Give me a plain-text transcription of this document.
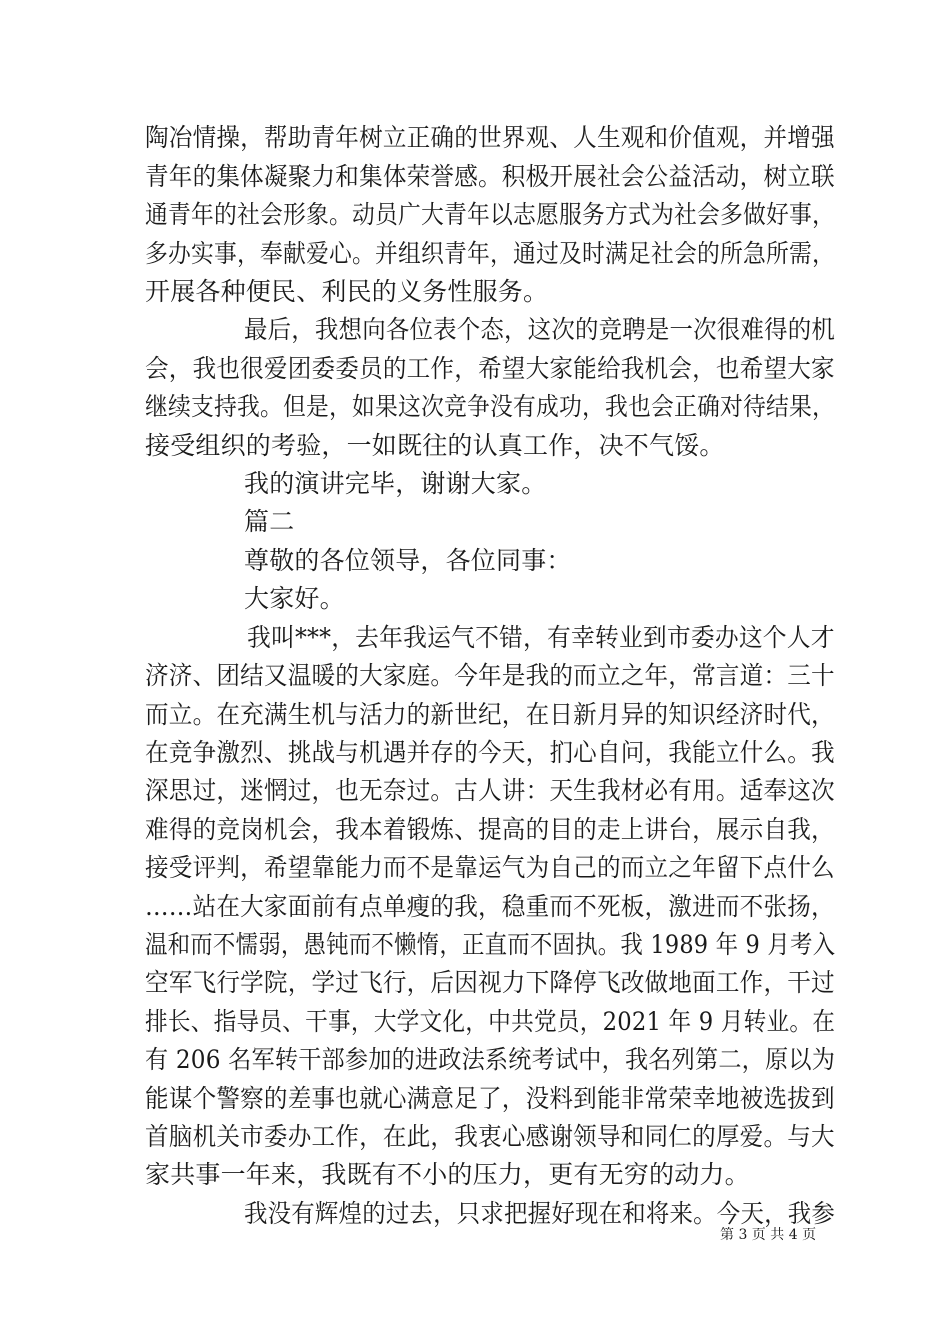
陶冶情操，帮助青年树立正确的世界观、人生观和价值观，并增强
青年的集体凝聚力和集体荣誉感。积极开展社会公益活动，树立联
通青年的社会形象。动员广大青年以志愿服务方式为社会多做好事，
多办实事，奉献爱心。并组织青年，通过及时满足社会的所急所需，
开展各种便民、利民的义务性服务。
最后，我想向各位表个态，这次的竞聘是一次很难得的机
会，我也很爱团委委员的工作，希望大家能给我机会，也希望大家
继续支持我。但是，如果这次竞争没有成功，我也会正确对待结果，
接受组织的考验，一如既往的认真工作，决不气馁。
我的演讲完毕，谢谢大家。
篇二
尊敬的各位领导，各位同事：
大家好。
我叫***，去年我运气不错，有幸转业到市委办这个人才
济济、团结又温暖的大家庭。今年是我的而立之年，常言道：三十
而立。在充满生机与活力的新世纪，在日新月异的知识经济时代，
在竞争激烈、挑战与机遇并存的今天，扪心自问，我能立什么。我
深思过，迷惘过，也无奈过。古人讲：天生我材必有用。适奉这次
难得的竞岗机会，我本着锻炼、提高的目的走上讲台，展示自我，
接受评判，希望靠能力而不是靠运气为自己的而立之年留下点什么
……站在大家面前有点单瘦的我，稳重而不死板，激进而不张扬，
温和而不懦弱，愚钝而不懒惰，正直而不固执。我 1989 年 9 月考入
空军飞行学院，学过飞行，后因视力下降停飞改做地面工作，干过
排长、指导员、干事，大学文化，中共党员，2021 年 9 月转业。在
有 206 名军转干部参加的进政法系统考试中，我名列第二，原以为
能谋个警察的差事也就心满意足了，没料到能非常荣幸地被选拔到
首脑机关市委办工作，在此，我衷心感谢领导和同仁的厚爱。与大
家共事一年来，我既有不小的压力，更有无穷的动力。
我没有辉煌的过去，只求把握好现在和将来。今天，我参
第 3 页 共 4 页
